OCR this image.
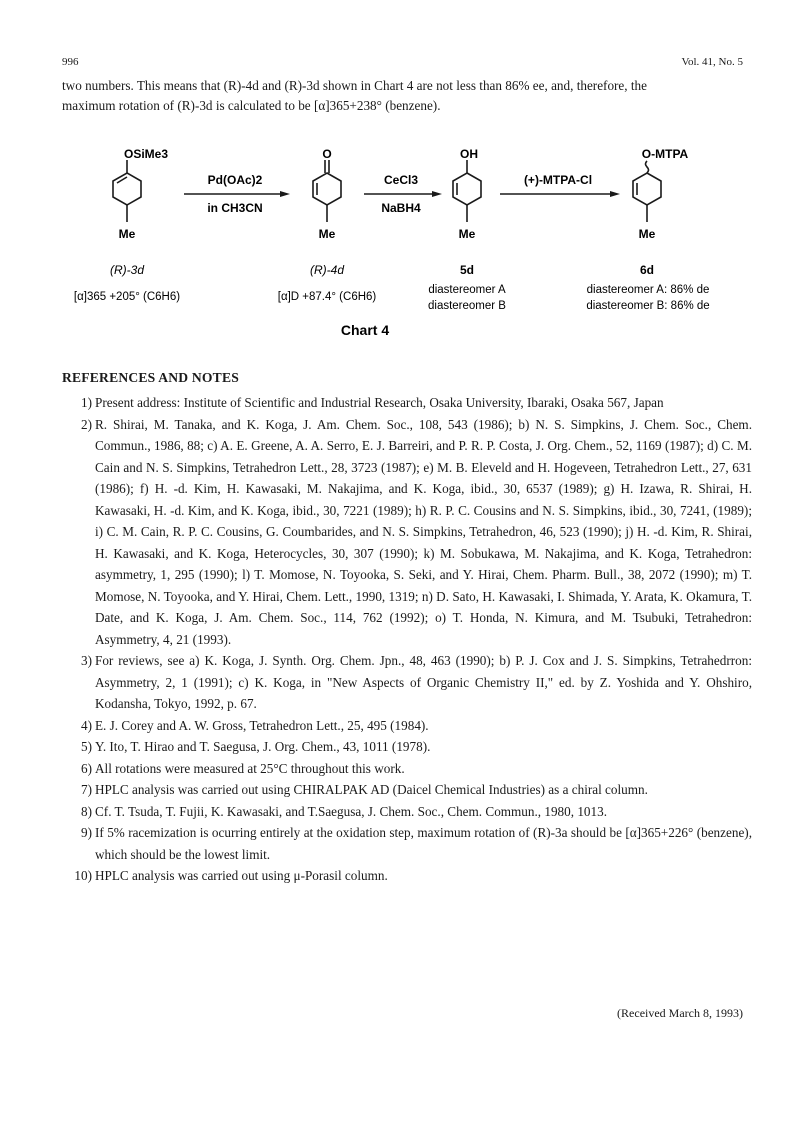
996	Vol. 41, No. 5

two numbers. This means that (R)-4d and (R)-3d shown in Chart 4 are not less than 86% ee, and, therefore, the

maximum rotation of (R)-3d is calculated to be [α]365+238° (benzene).

OSiMe3
Me
O
Me
OH
Me
O-MTPA
Me
Pd(OAc)2
in CH3CN
CeCl3
NaBH4
(+)-MTPA-Cl
(R)-3d	(R)-4d	5d	6d
[α]365 +205° (C6H6)	[α]D +87.4° (C6H6)
diastereomer A
diastereomer B
diastereomer A: 86% de
diastereomer B: 86% de
Chart 4
REFERENCES AND NOTES
1) Present address: Institute of Scientific and Industrial Research, Osaka University, Ibaraki, Osaka 567, Japan
2) R. Shirai, M. Tanaka, and K. Koga, J. Am. Chem. Soc., 108, 543 (1986); b) N. S. Simpkins, J. Chem. Soc., Chem. Commun., 1986, 88; c) A. E. Greene, A. A. Serro, E. J. Barreiri, and P. R. P. Costa, J. Org. Chem., 52, 1169 (1987); d) C. M. Cain and N. S. Simpkins, Tetrahedron Lett., 28, 3723 (1987); e) M. B. Eleveld and H. Hogeveen, Tetrahedron Lett., 27, 631 (1986); f) H. -d. Kim, H. Kawasaki, M. Nakajima, and K. Koga, ibid., 30, 6537 (1989); g) H. Izawa, R. Shirai, H. Kawasaki, H. -d. Kim, and K. Koga, ibid., 30, 7221 (1989); h) R. P. C. Cousins and N. S. Simpkins, ibid., 30, 7241, (1989); i) C. M. Cain, R. P. C. Cousins, G. Coumbarides, and N. S. Simpkins, Tetrahedron, 46, 523 (1990); j) H. -d. Kim, R. Shirai, H. Kawasaki, and K. Koga, Heterocycles, 30, 307 (1990); k) M. Sobukawa, M. Nakajima, and K. Koga, Tetrahedron: asymmetry, 1, 295 (1990); l) T. Momose, N. Toyooka, S. Seki, and Y. Hirai, Chem. Pharm. Bull., 38, 2072 (1990); m) T. Momose, N. Toyooka, and Y. Hirai, Chem. Lett., 1990, 1319; n) D. Sato, H. Kawasaki, I. Shimada, Y. Arata, K. Okamura, T. Date, and K. Koga, J. Am. Chem. Soc., 114, 762 (1992); o) T. Honda, N. Kimura, and M. Tsubuki, Tetrahedron: Asymmetry, 4, 21 (1993).
3) For reviews, see a) K. Koga, J. Synth. Org. Chem. Jpn., 48, 463 (1990); b) P. J. Cox and J. S. Simpkins, Tetrahedrron: Asymmetry, 2, 1 (1991); c) K. Koga, in "New Aspects of Organic Chemistry II," ed. by Z. Yoshida and Y. Ohshiro, Kodansha, Tokyo, 1992, p. 67.
4) E. J. Corey and A. W. Gross, Tetrahedron Lett., 25, 495 (1984).
5) Y. Ito, T. Hirao and T. Saegusa, J. Org. Chem., 43, 1011 (1978).
6) All rotations were measured at 25°C throughout this work.
7) HPLC analysis was carried out using CHIRALPAK AD (Daicel Chemical Industries) as a chiral column.
8) Cf. T. Tsuda, T. Fujii, K. Kawasaki, and T.Saegusa, J. Chem. Soc., Chem. Commun., 1980, 1013.
9) If 5% racemization is ocurring entirely at the oxidation step, maximum rotation of (R)-3a should be [α]365+226° (benzene), which should be the lowest limit.
10) HPLC analysis was carried out using μ-Porasil column.
(Received March 8, 1993)
